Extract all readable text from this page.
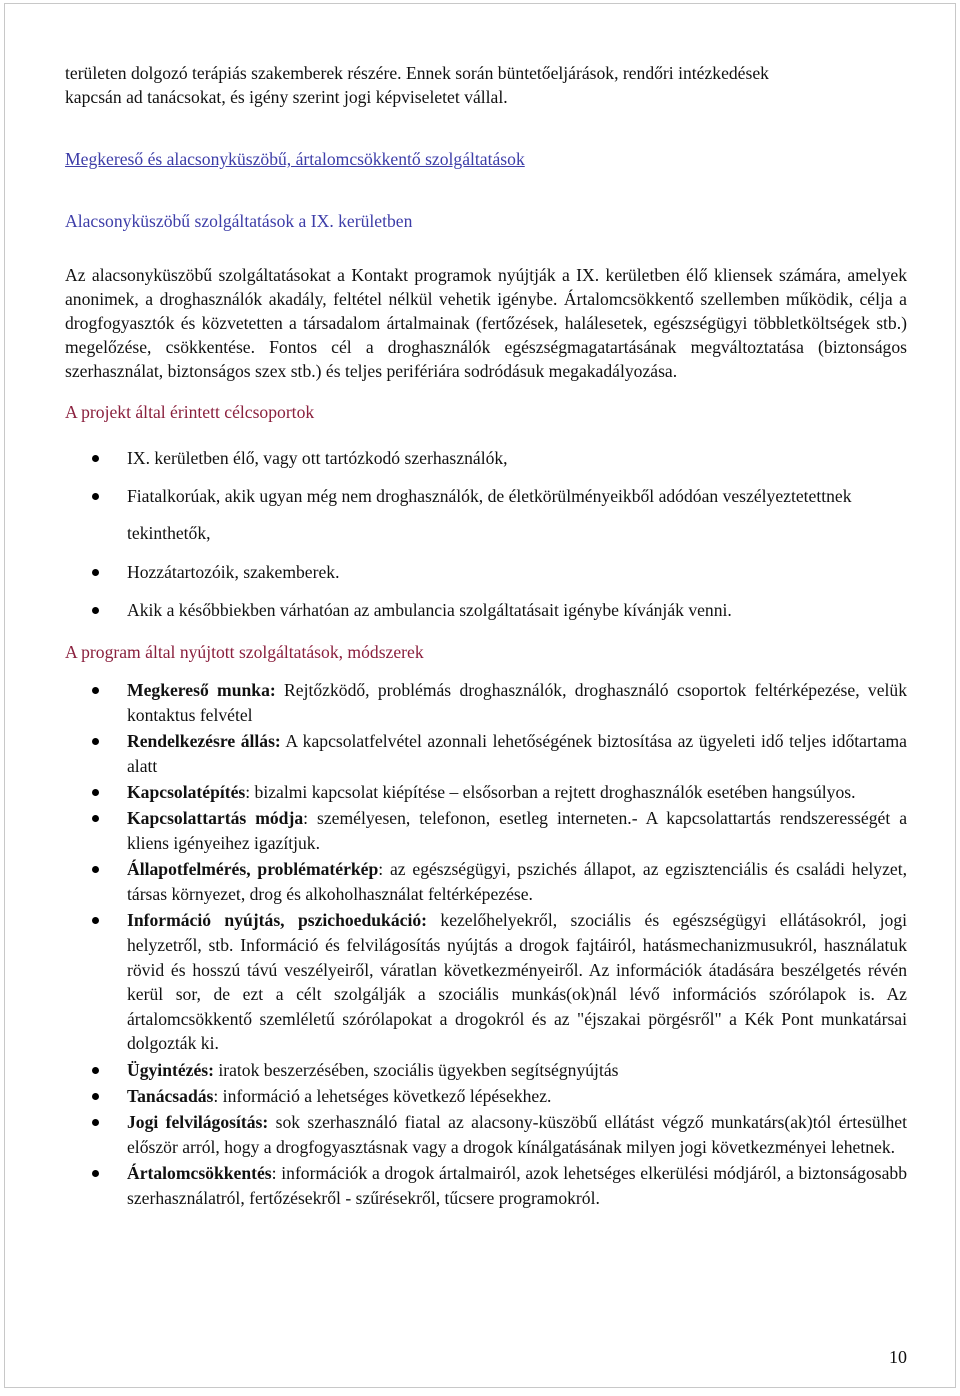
területen dolgozó terápiás szakemberek részére. Ennek során büntetőeljárások, rendőri intézkedések
kapcsán ad tanácsokat, és igény szerint jogi képviseletet vállal.

Megkereső és alacsonyküszöbű, ártalomcsökkentő szolgáltatások

Alacsonyküszöbű szolgáltatások a IX. kerületben

Az alacsonyküszöbű szolgáltatásokat a Kontakt programok nyújtják a IX. kerületben élő kliensek számára, amelyek anonimek, a droghasználók akadály, feltétel nélkül vehetik igénybe. Ártalomcsökkentő szellemben működik, célja a drogfogyasztók és közvetetten a társadalom ártalmainak (fertőzések, halálesetek, egészségügyi többletköltségek stb.) megelőzése, csökkentése. Fontos cél a droghasználók egészségmagatartásának megváltoztatása (biztonságos szerhasználat, biztonságos szex stb.) és teljes perifériára sodródásuk megakadályozása.

A projekt által érintett célcsoportok

IX. kerületben élő, vagy ott tartózkodó szerhasználók,
Fiatalkorúak, akik ugyan még nem droghasználók, de életkörülményeikből adódóan veszélyeztetettnek tekinthetők,
Hozzátartozóik, szakemberek.
Akik a későbbiekben várhatóan az ambulancia szolgáltatásait igénybe kívánják venni.

A program által nyújtott szolgáltatások, módszerek

Megkereső munka: Rejtőzködő, problémás droghasználók, droghasználó csoportok feltérképezése, velük kontaktus felvétel
Rendelkezésre állás: A kapcsolatfelvétel azonnali lehetőségének biztosítása az ügyeleti idő teljes időtartama alatt
Kapcsolatépítés: bizalmi kapcsolat kiépítése – elsősorban a rejtett droghasználók esetében hangsúlyos.
Kapcsolattartás módja: személyesen, telefonon, esetleg interneten.- A kapcsolattartás rendszerességét a kliens igényeihez igazítjuk.
Állapotfelmérés, problématérkép: az egészségügyi, pszichés állapot, az egzisztenciális és családi helyzet, társas környezet, drog és alkoholhasználat feltérképezése.
Információ nyújtás, pszichoedukáció: kezelőhelyekről, szociális és egészségügyi ellátásokról, jogi helyzetről, stb. Információ és felvilágosítás nyújtás a drogok fajtáiról, hatásmechanizmusukról, használatuk rövid és hosszú távú veszélyeiről, váratlan következményeiről. Az információk átadására beszélgetés révén kerül sor, de ezt a célt szolgálják a szociális munkás(ok)nál lévő információs szórólapok is. Az ártalomcsökkentő szemléletű szórólapokat a drogokról és az "éjszakai pörgésről" a Kék Pont munkatársai dolgozták ki.
Ügyintézés: iratok beszerzésében, szociális ügyekben segítségnyújtás
Tanácsadás: információ a lehetséges következő lépésekhez.
Jogi felvilágosítás: sok szerhasználó fiatal az alacsony-küszöbű ellátást végző munkatárs(ak)tól értesülhet először arról, hogy a drogfogyasztásnak vagy a drogok kínálgatásának milyen jogi következményei lehetnek.
Ártalomcsökkentés: információk a drogok ártalmairól, azok lehetséges elkerülési módjáról, a biztonságosabb szerhasználatról, fertőzésekről - szűrésekről, tűcsere programokról.
10
